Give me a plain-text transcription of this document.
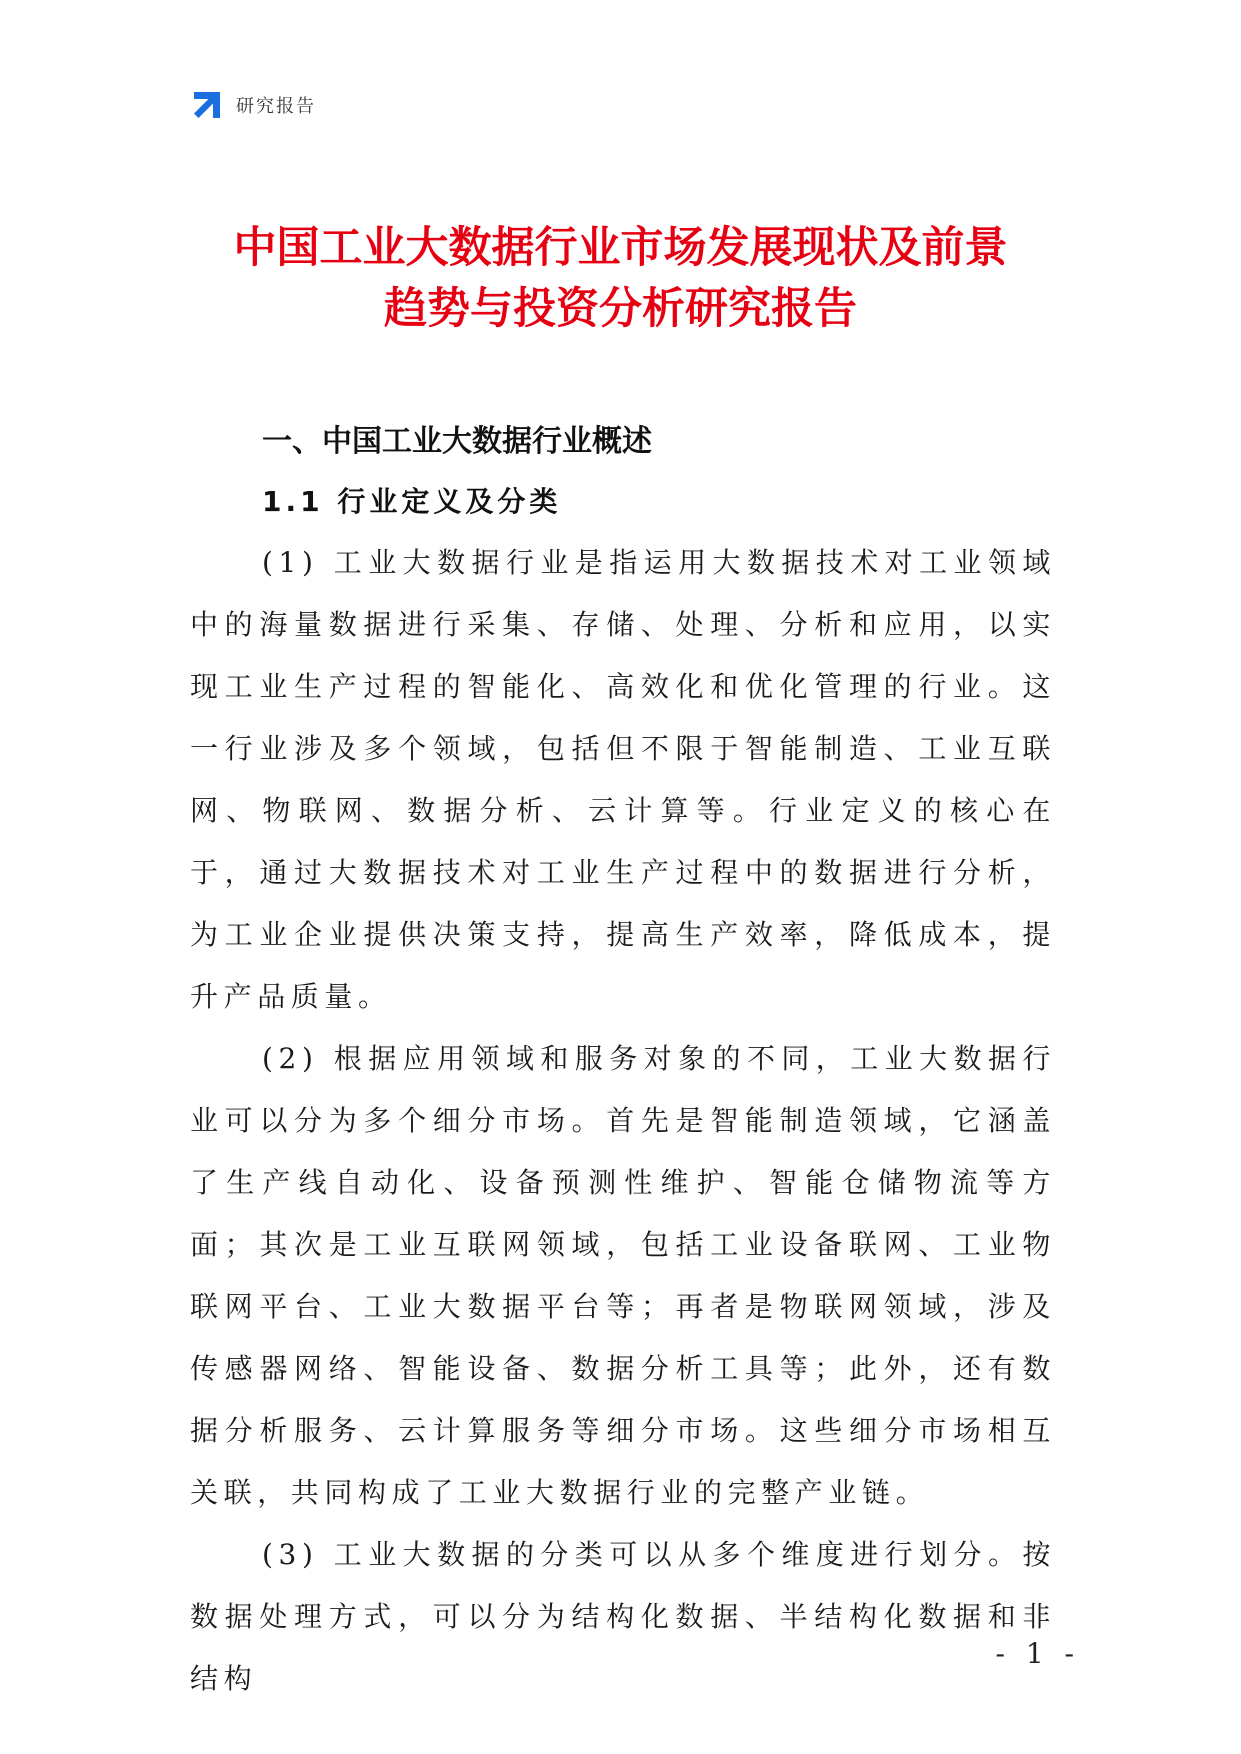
研究报告
中国工业大数据行业市场发展现状及前景
趋势与投资分析研究报告
一、中国工业大数据行业概述
1.1 行业定义及分类

(1) 工业大数据行业是指运用大数据技术对工业领域中的海量数据进行采集、存储、处理、分析和应用，以实现工业生产过程的智能化、高效化和优化管理的行业。这一行业涉及多个领域，包括但不限于智能制造、工业互联网、物联网、数据分析、云计算等。行业定义的核心在于，通过大数据技术对工业生产过程中的数据进行分析，为工业企业提供决策支持，提高生产效率，降低成本，提升产品质量。

(2) 根据应用领域和服务对象的不同，工业大数据行业可以分为多个细分市场。首先是智能制造领域，它涵盖了生产线自动化、设备预测性维护、智能仓储物流等方面；其次是工业互联网领域，包括工业设备联网、工业物联网平台、工业大数据平台等；再者是物联网领域，涉及传感器网络、智能设备、数据分析工具等；此外，还有数据分析服务、云计算服务等细分市场。这些细分市场相互关联，共同构成了工业大数据行业的完整产业链。

(3) 工业大数据的分类可以从多个维度进行划分。按数据处理方式，可以分为结构化数据、半结构化数据和非结构

- 1 -
